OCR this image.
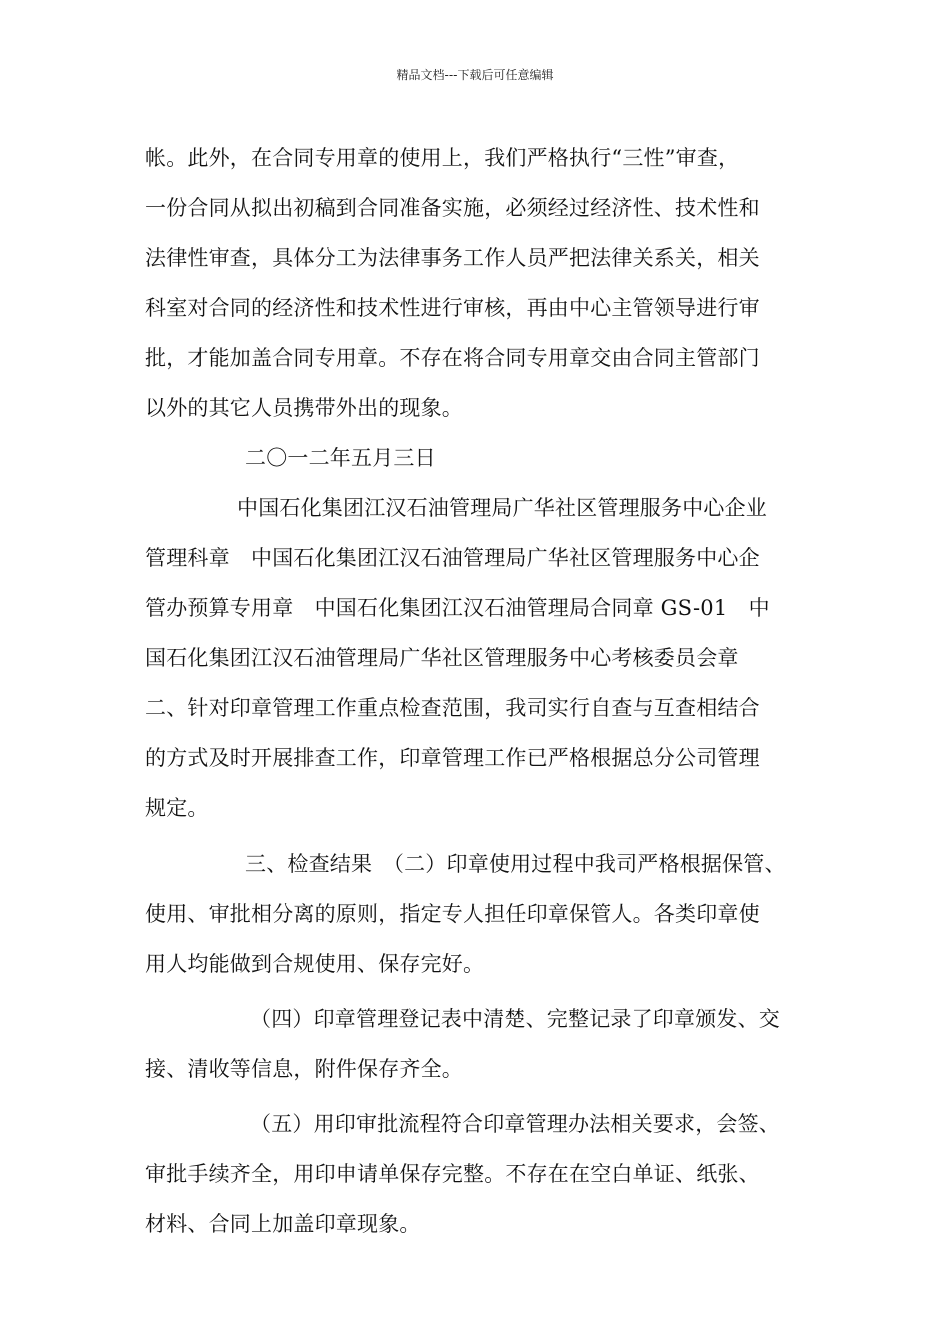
精品文档---下载后可任意编辑
帐。此外，在合同专用章的使用上，我们严格执行“三性”审查，
一份合同从拟出初稿到合同准备实施，必须经过经济性、技术性和
法律性审查，具体分工为法律事务工作人员严把法律关系关，相关
科室对合同的经济性和技术性进行审核，再由中心主管领导进行审
批，才能加盖合同专用章。不存在将合同专用章交由合同主管部门
以外的其它人员携带外出的现象。
二〇一二年五月三日
中国石化集团江汉石油管理局广华社区管理服务中心企业
管理科章　中国石化集团江汉石油管理局广华社区管理服务中心企
管办预算专用章　中国石化集团江汉石油管理局合同章 GS-01　中
国石化集团江汉石油管理局广华社区管理服务中心考核委员会章
二、针对印章管理工作重点检查范围，我司实行自查与互查相结合
的方式及时开展排查工作，印章管理工作已严格根据总分公司管理
规定。
三、检查结果　（二）印章使用过程中我司严格根据保管、
使用、审批相分离的原则，指定专人担任印章保管人。各类印章使
用人均能做到合规使用、保存完好。
（四）印章管理登记表中清楚、完整记录了印章颁发、交
接、清收等信息，附件保存齐全。
（五）用印审批流程符合印章管理办法相关要求，会签、
审批手续齐全，用印申请单保存完整。不存在在空白单证、纸张、
材料、合同上加盖印章现象。
